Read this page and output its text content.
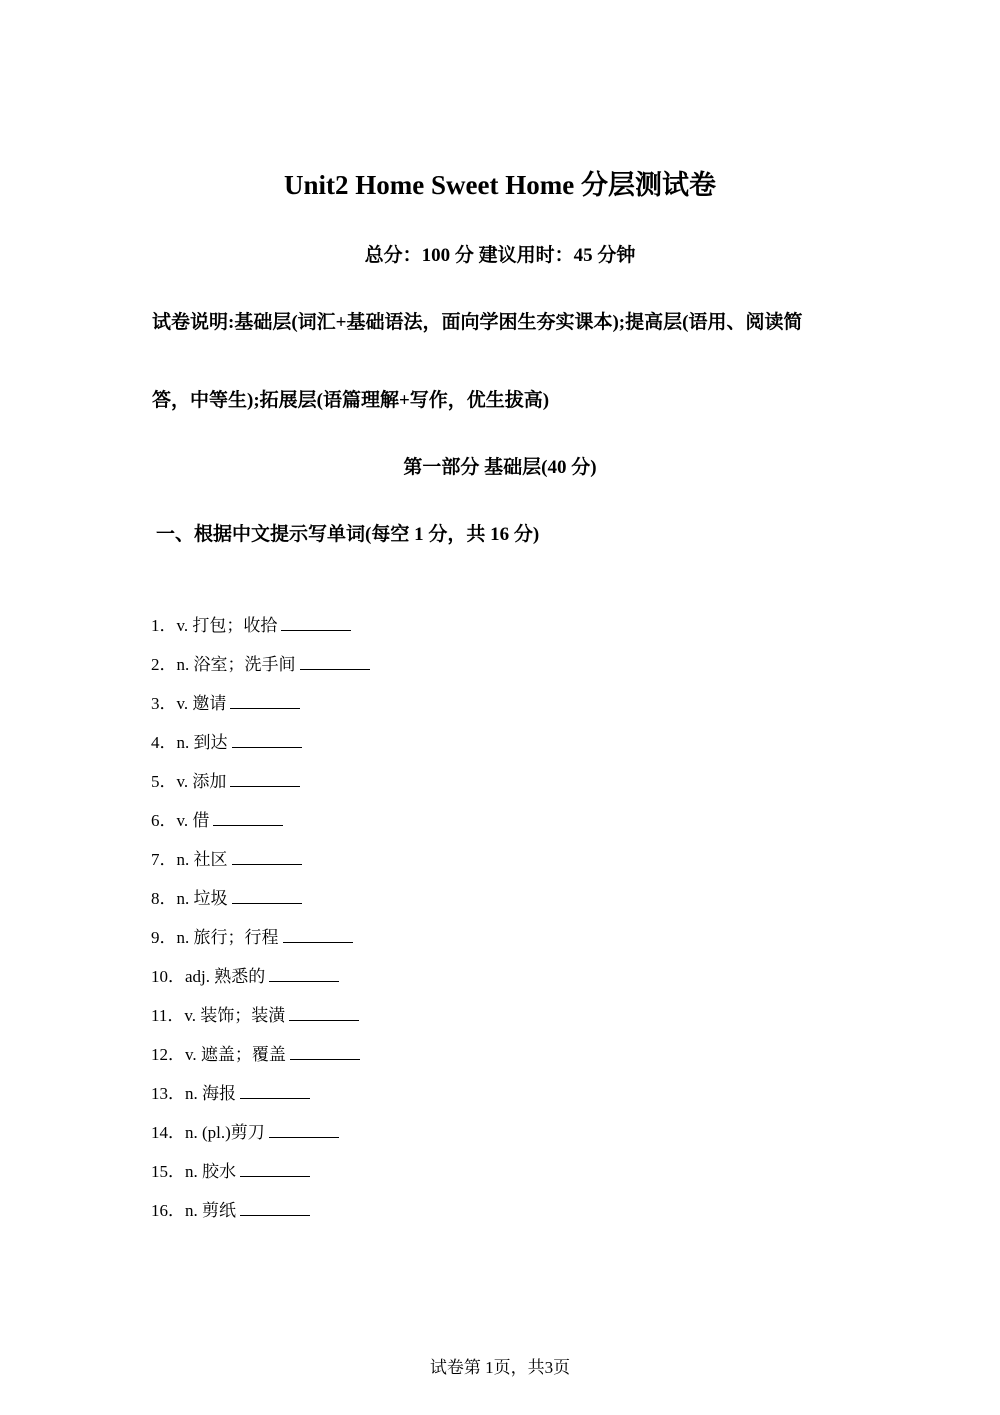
Unit2 Home Sweet Home 分层测试卷
总分：100 分 建议用时：45 分钟
试卷说明:基础层(词汇+基础语法，面向学困生夯实课本);提高层(语用、阅读简
答，中等生);拓展层(语篇理解+写作，优生拔高)
第一部分 基础层(40 分)
一、根据中文提示写单词(每空 1 分，共 16 分)
1．v. 打包；收拾
2．n. 浴室；洗手间
3．v. 邀请
4．n. 到达
5．v. 添加
6．v. 借
7．n. 社区
8．n. 垃圾
9．n. 旅行；行程
10．adj. 熟悉的
11．v. 装饰；装潢
12．v. 遮盖；覆盖
13．n. 海报
14．n. (pl.)剪刀
15．n. 胶水
16．n. 剪纸
试卷第 1页，共3页
